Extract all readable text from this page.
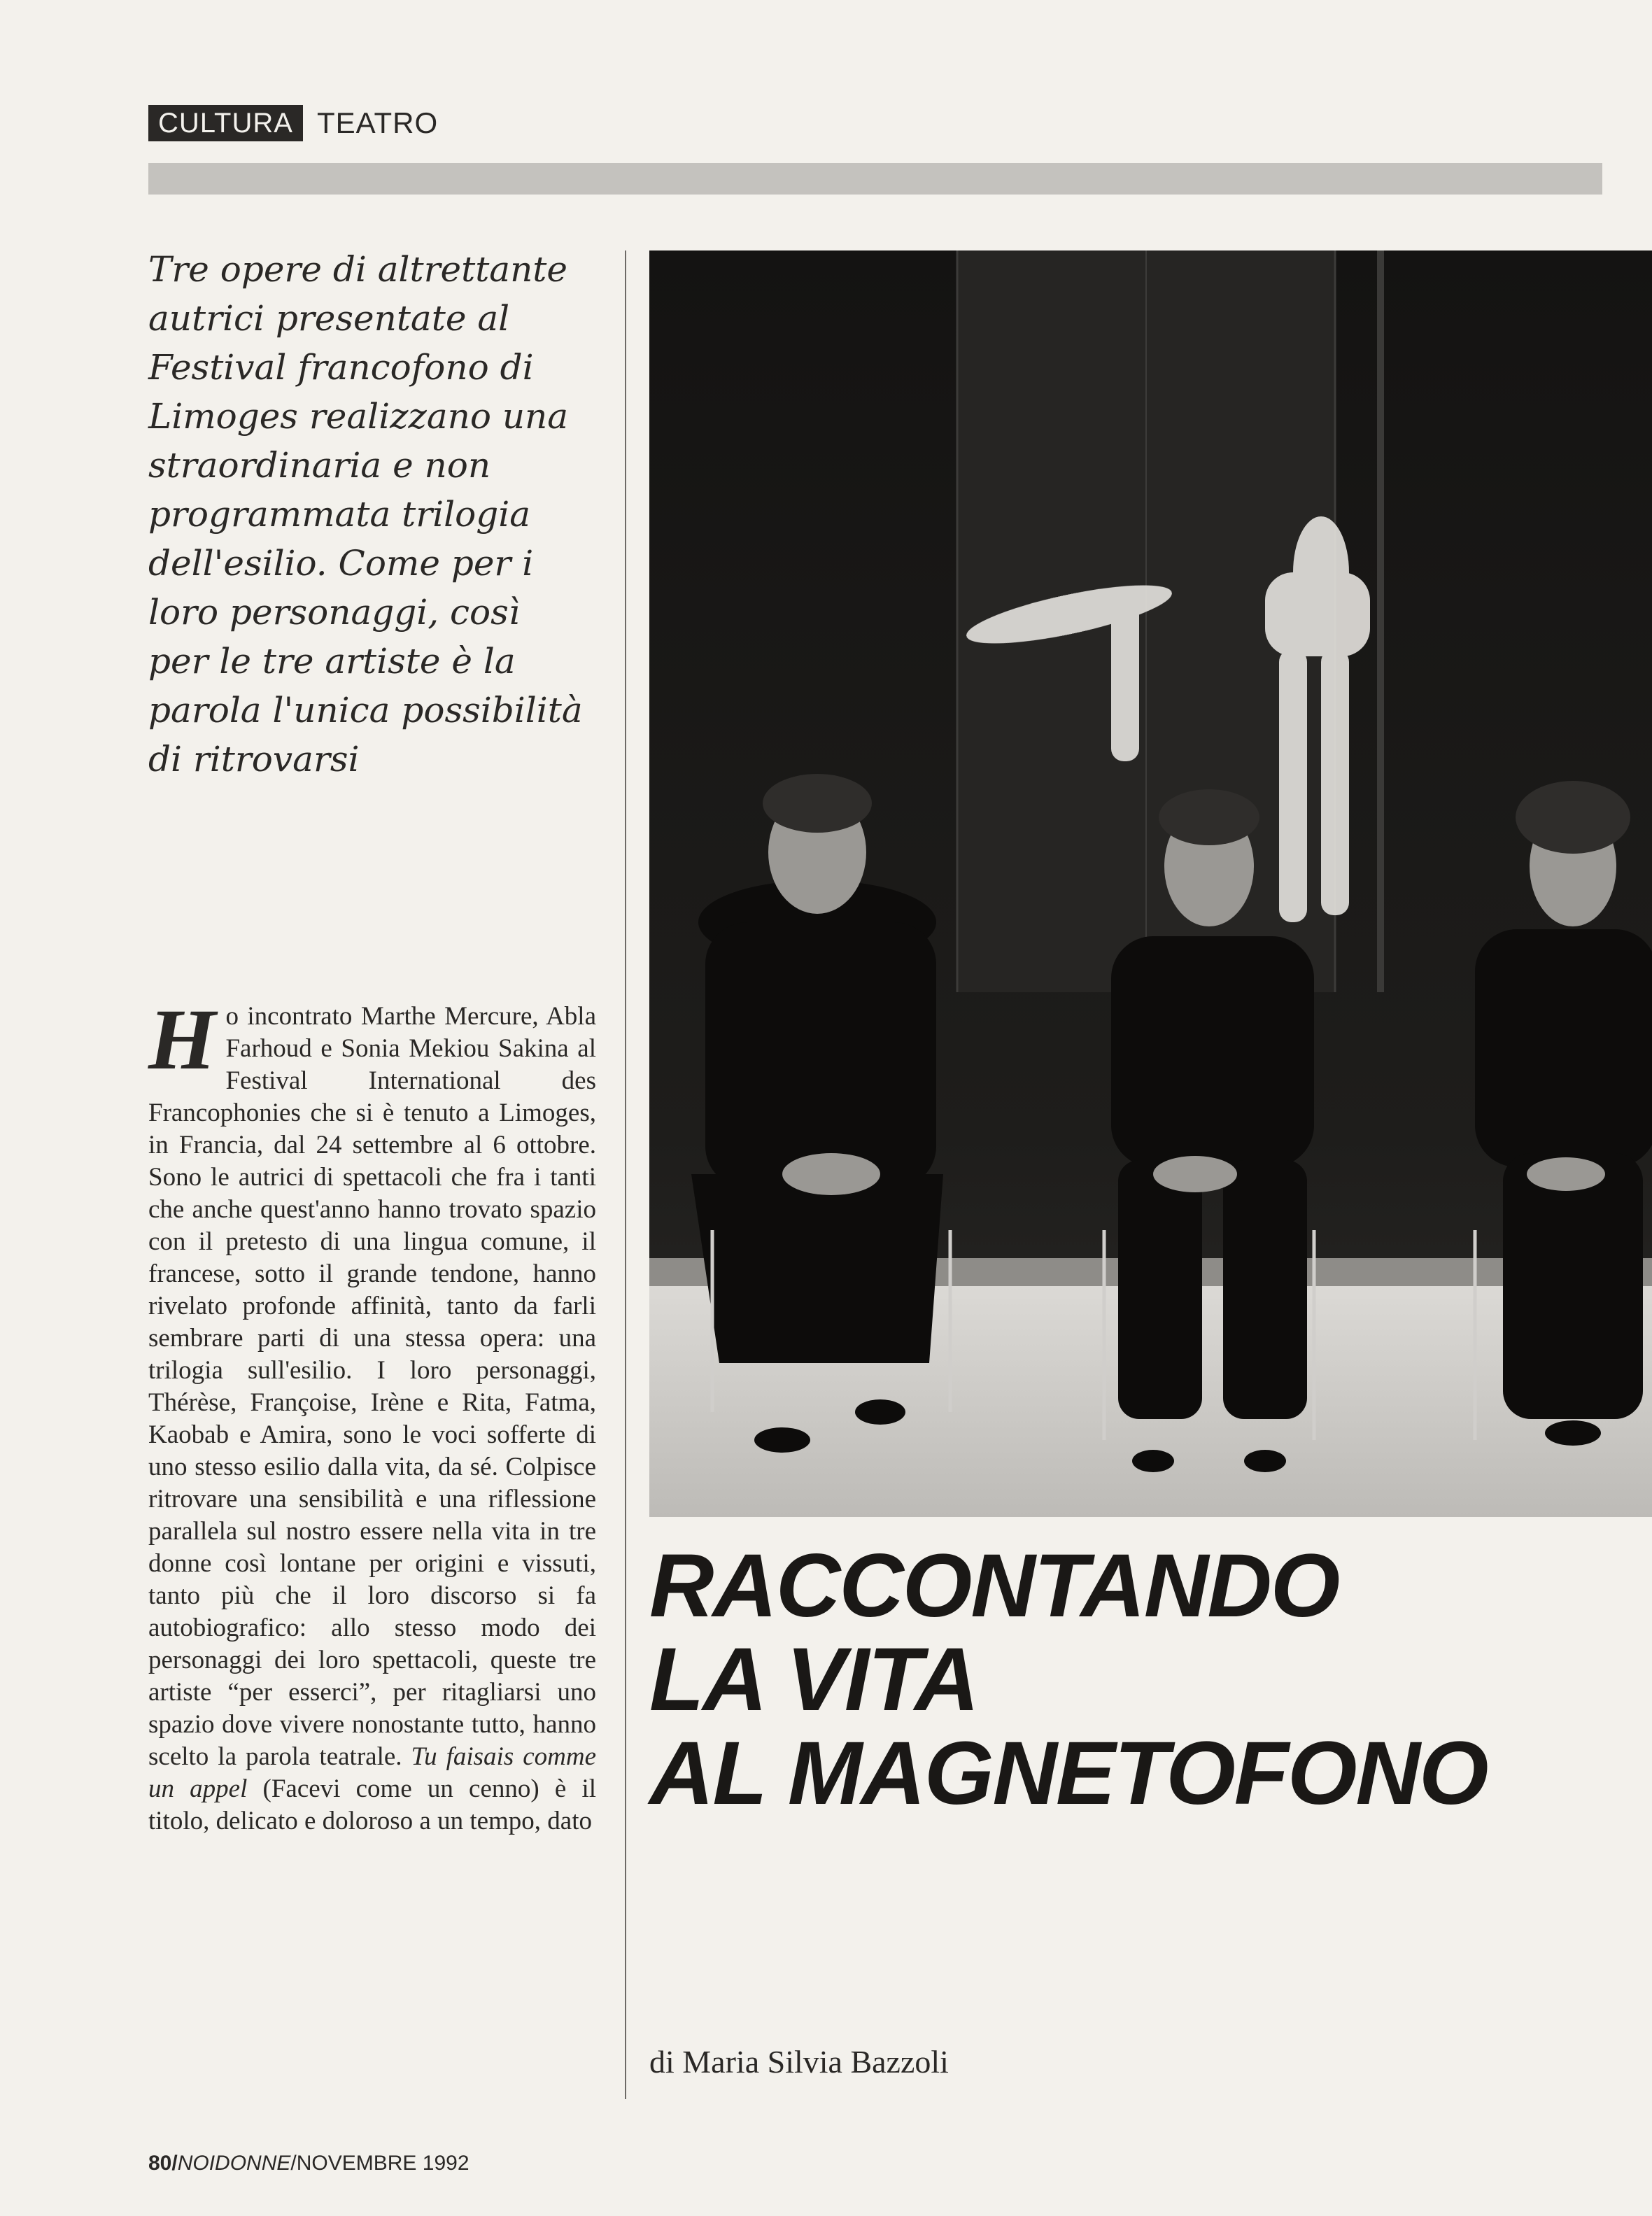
CULTURA TEATRO
Tre opere di altrettante autrici presentate al Festival francofono di Limoges realizzano una straordinaria e non programmata trilogia dell'esilio. Come per i loro personaggi, così per le tre artiste è la parola l'unica possibilità di ritrovarsi
Ho incontrato Marthe Mercure, Abla Farhoud e Sonia Mekiou Sakina al Festival International des Francophonies che si è tenuto a Limoges, in Francia, dal 24 settembre al 6 ottobre. Sono le autrici di spettacoli che fra i tanti che anche quest'anno hanno trovato spazio con il pretesto di una lingua comune, il francese, sotto il grande tendone, hanno rivelato profonde affinità, tanto da farli sembrare parti di una stessa opera: una trilogia sull'esilio. I loro personaggi, Thérèse, Françoise, Irène e Rita, Fatma, Kaobab e Amira, sono le voci sofferte di uno stesso esilio dalla vita, da sé. Colpisce ritrovare una sensibilità e una riflessione parallela sul nostro essere nella vita in tre donne così lontane per origini e vissuti, tanto più che il loro discorso si fa autobiografico: allo stesso modo dei personaggi dei loro spettacoli, queste tre artiste “per esserci”, per ritagliarsi uno spazio dove vivere nonostante tutto, hanno scelto la parola teatrale. Tu faisais comme un appel (Facevi come un cenno) è il titolo, delicato e doloroso a un tempo, dato
RACCONTANDO
LA VITA
AL MAGNETOFONO
di Maria Silvia Bazzoli
80/NOIDONNE/NOVEMBRE 1992
